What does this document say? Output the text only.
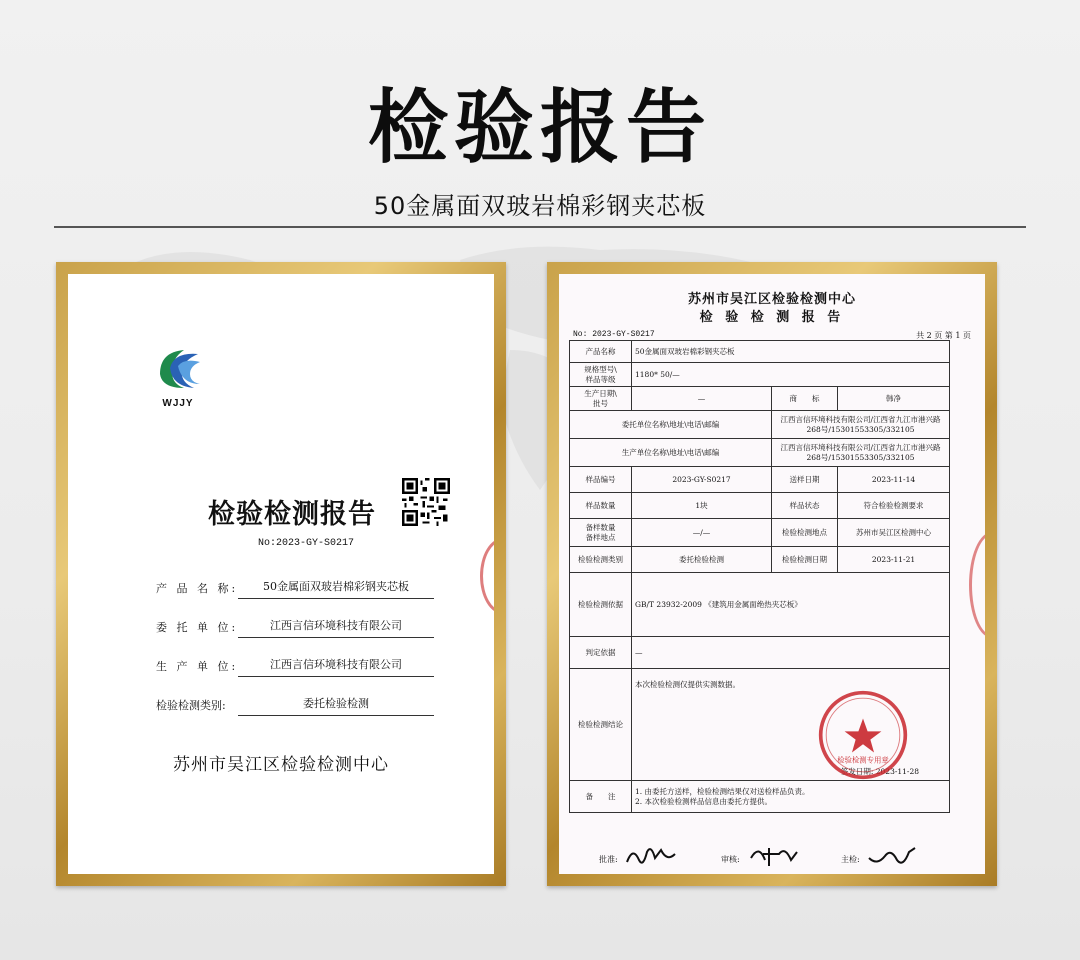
检验报告
50金属面双玻岩棉彩钢夹芯板
WJJY
检验检测报告
No:2023-GY-S0217
产 品 名 称:	50金属面双玻岩棉彩钢夹芯板
委 托 单 位:	江西言信环境科技有限公司
生 产 单 位:	江西言信环境科技有限公司
检验检测类别:	委托检验检测
苏州市吴江区检验检测中心
苏州市吴江区检验检测中心
检 验 检 测 报 告
No: 2023-GY-S0217	共 2 页 第 1 页
产品名称	50金属面双玻岩棉彩钢夹芯板		
规格型号\
样品等级	1180* 50/—		
生产日期\
批号	—	商　　标	韩净
委托单位名称\地址\电话\邮编		江西言信环境科技有限公司/江西省九江市港兴路268号/15301553305/332105	
生产单位名称\地址\电话\邮编		江西言信环境科技有限公司/江西省九江市港兴路268号/15301553305/332105	
样品编号	2023-GY-S0217	送样日期	2023-11-14
样品数量	1块	样品状态	符合检验检测要求
备样数量
备样地点	—/—	检验检测地点	苏州市吴江区检测中心
检验检测类别	委托检验检测	检验检测日期	2023-11-21
检验检测依据	GB/T 23932-2009 《建筑用金属面绝热夹芯板》		
判定依据	—		
检验检测结论	本次检验检测仅提供实测数据。
签发日期: 2023-11-28		

备　　注	1. 由委托方送样，检验检测结果仅对送检样品负责。
2. 本次检验检测样品信息由委托方提供。		
检验检测专用章
批准:	审核:	主检:
